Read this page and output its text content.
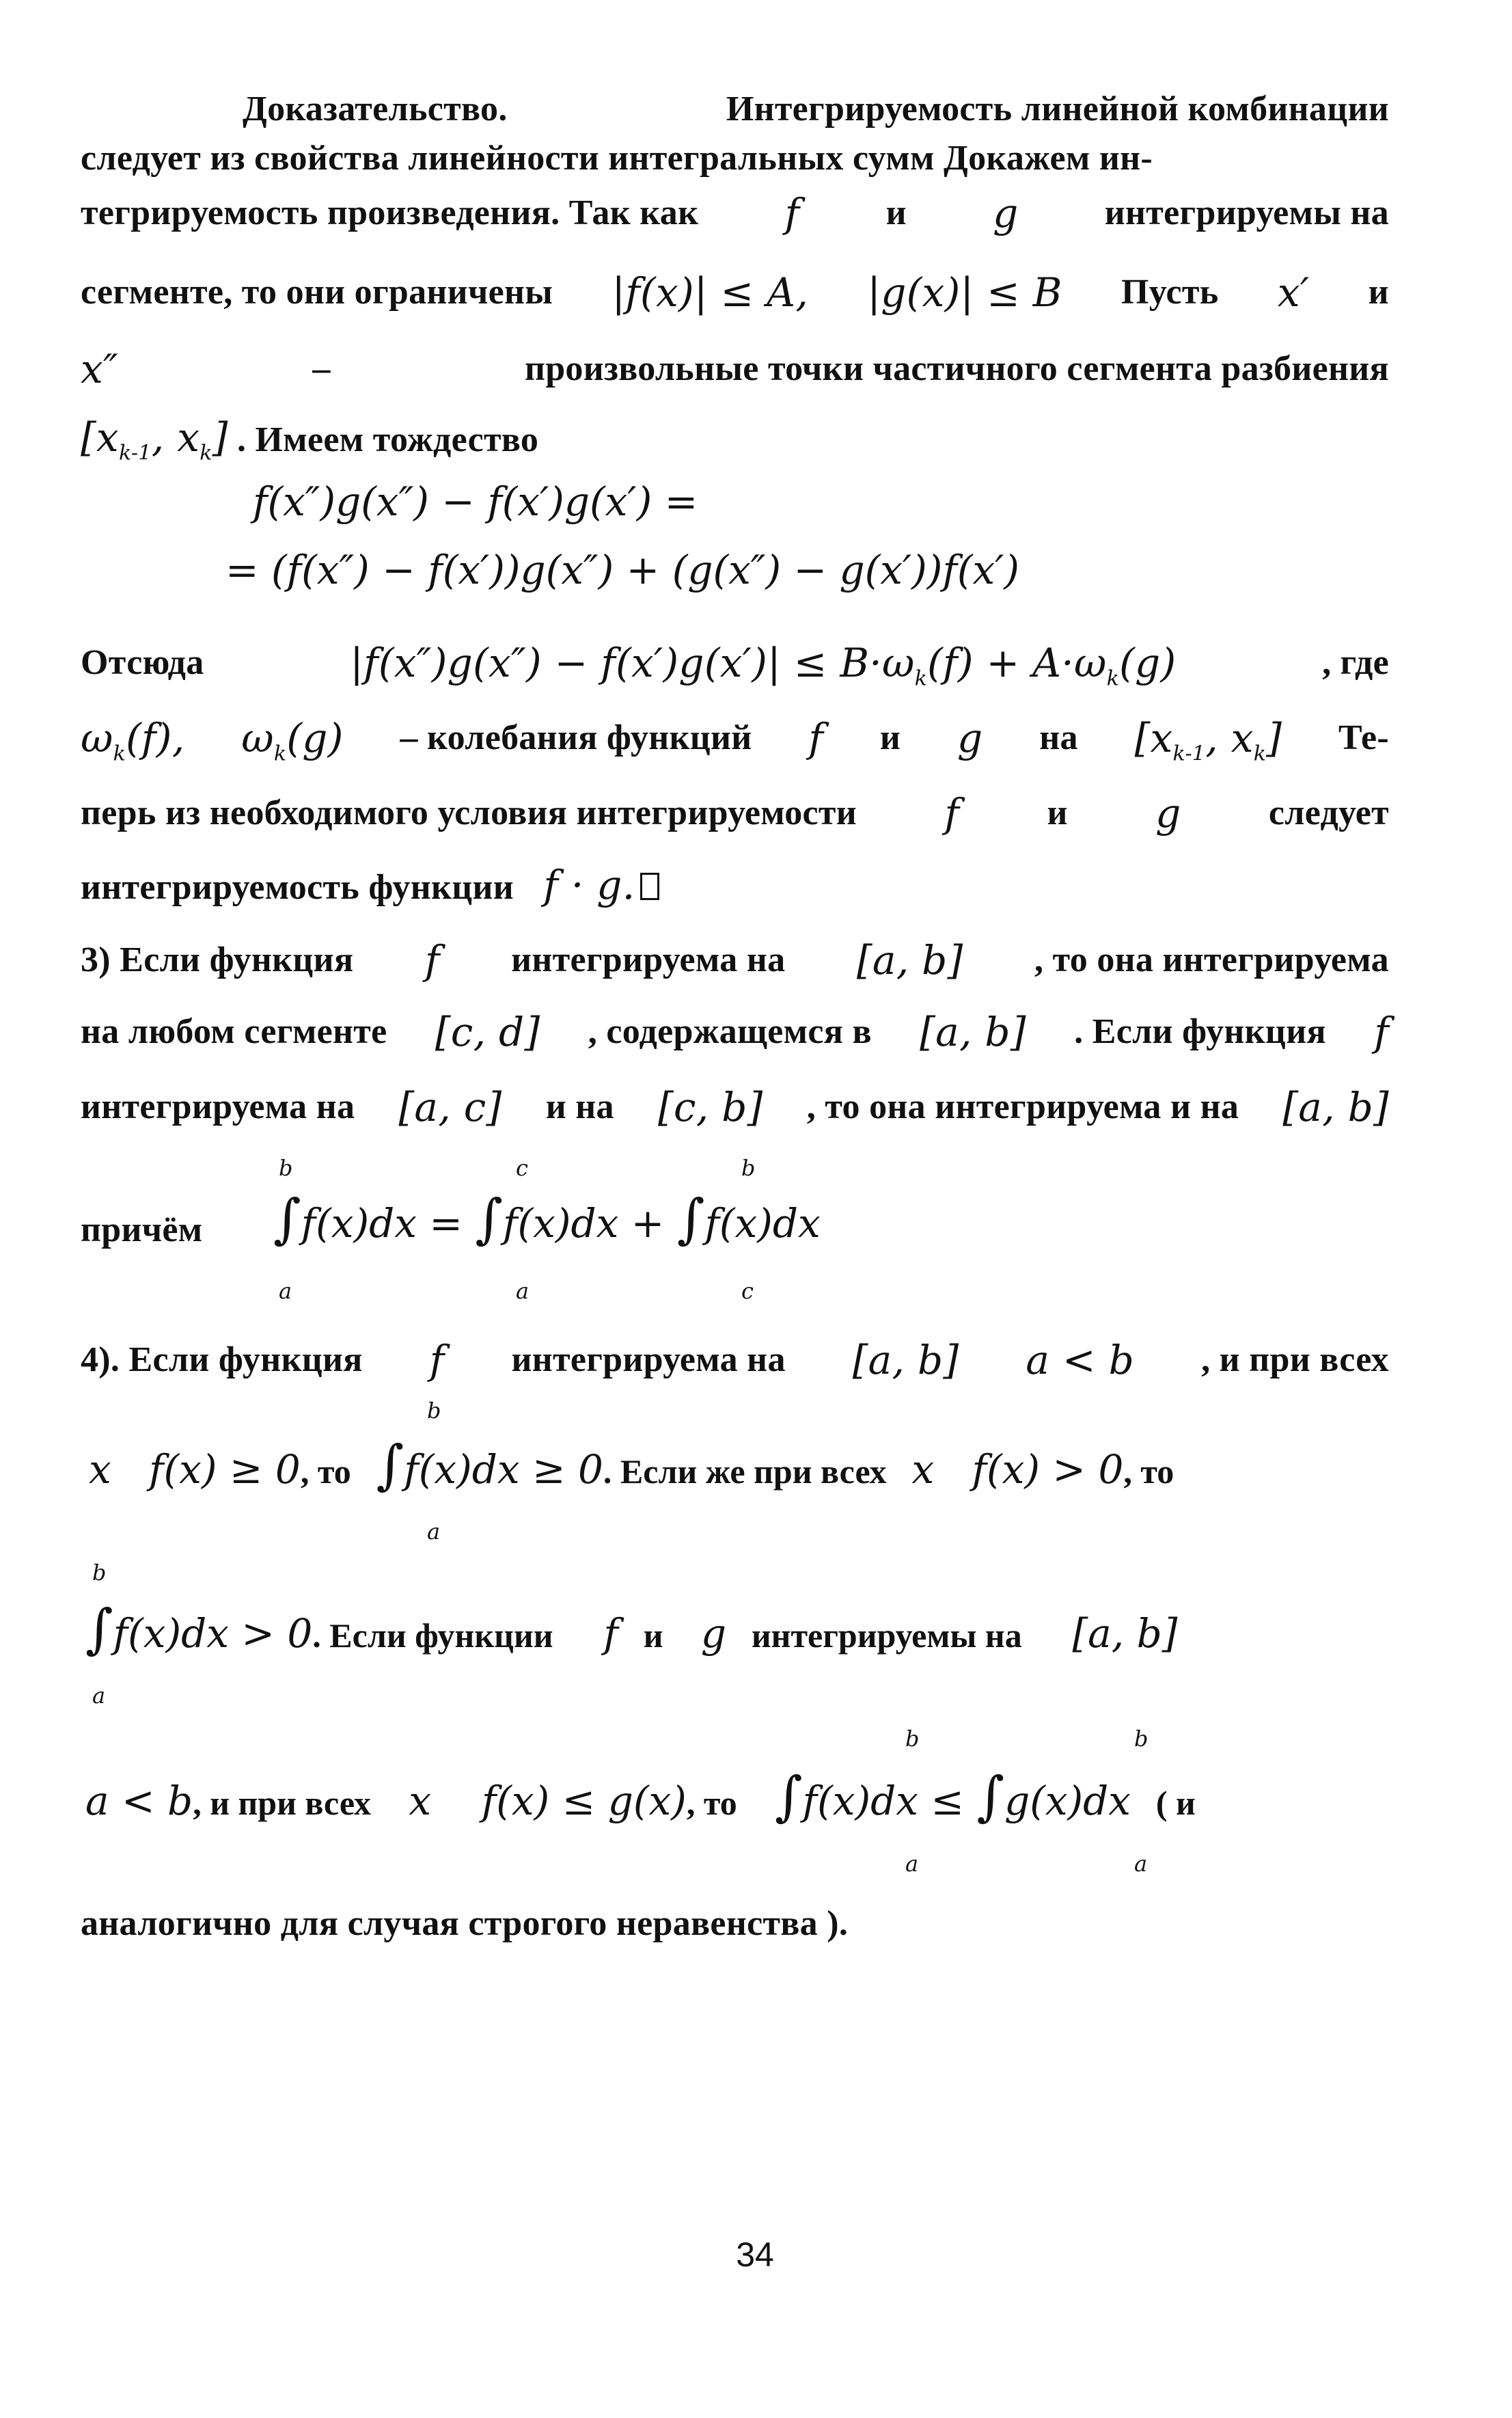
Доказательство.	Интегрируемость линейной комбинации
следует из свойства линейности интегральных сумм Докажем ин-
тегрируемость произведения. Так как f и g интегрируемы на
сегменте, то они ограничены |f(x)| ≤ A, |g(x)| ≤ B Пусть x′ и
x″	–	произвольные точки частичного сегмента разбиения
[$x_{k-1}$, $x_k$] . Имеем тождество
f(x″)g(x″) − f(x′)g(x′) =
= (f(x″) − f(x′))g(x″) + (g(x″) − g(x′))f(x′)
Отсюда	$|f(x'')g(x'') - f(x')g(x')| \le B\cdot\omega_k(f) + A\cdot\omega_k(g)$	, где
$\omega_k(f)$, $\omega_k(g)$ – колебания функций f и g на [$x_{k-1}$, $x_k$] Те-
перь из необходимого условия интегрируемости f и g следует
интегрируемость функции f · g.
3) Если функция f интегрируема на [a, b] , то она интегрируема
на любом сегменте [c, d] , содержащемся в [a, b] . Если функция f
интегрируема на [a, c] и на [c, b] , то она интегрируема и на [a, b]
причём	∫f(x)dx = ∫f(x)dx + ∫f(x)dx
b
a
c
a
b
c
4). Если функция f интегрируема на [a, b] a < b , и при всех
x f(x) ≥ 0, то ∫f(x)dx ≥ 0. Если же при всех x f(x) > 0, то
b
a
∫f(x)dx > 0. Если функции f и g интегрируемы на [a, b]
b
a
a < b, и при всех x f(x) ≤ g(x), то ∫f(x)dx ≤ ∫g(x)dx ( и
b
a
b
a
аналогично для случая строгого неравенства ).
34
